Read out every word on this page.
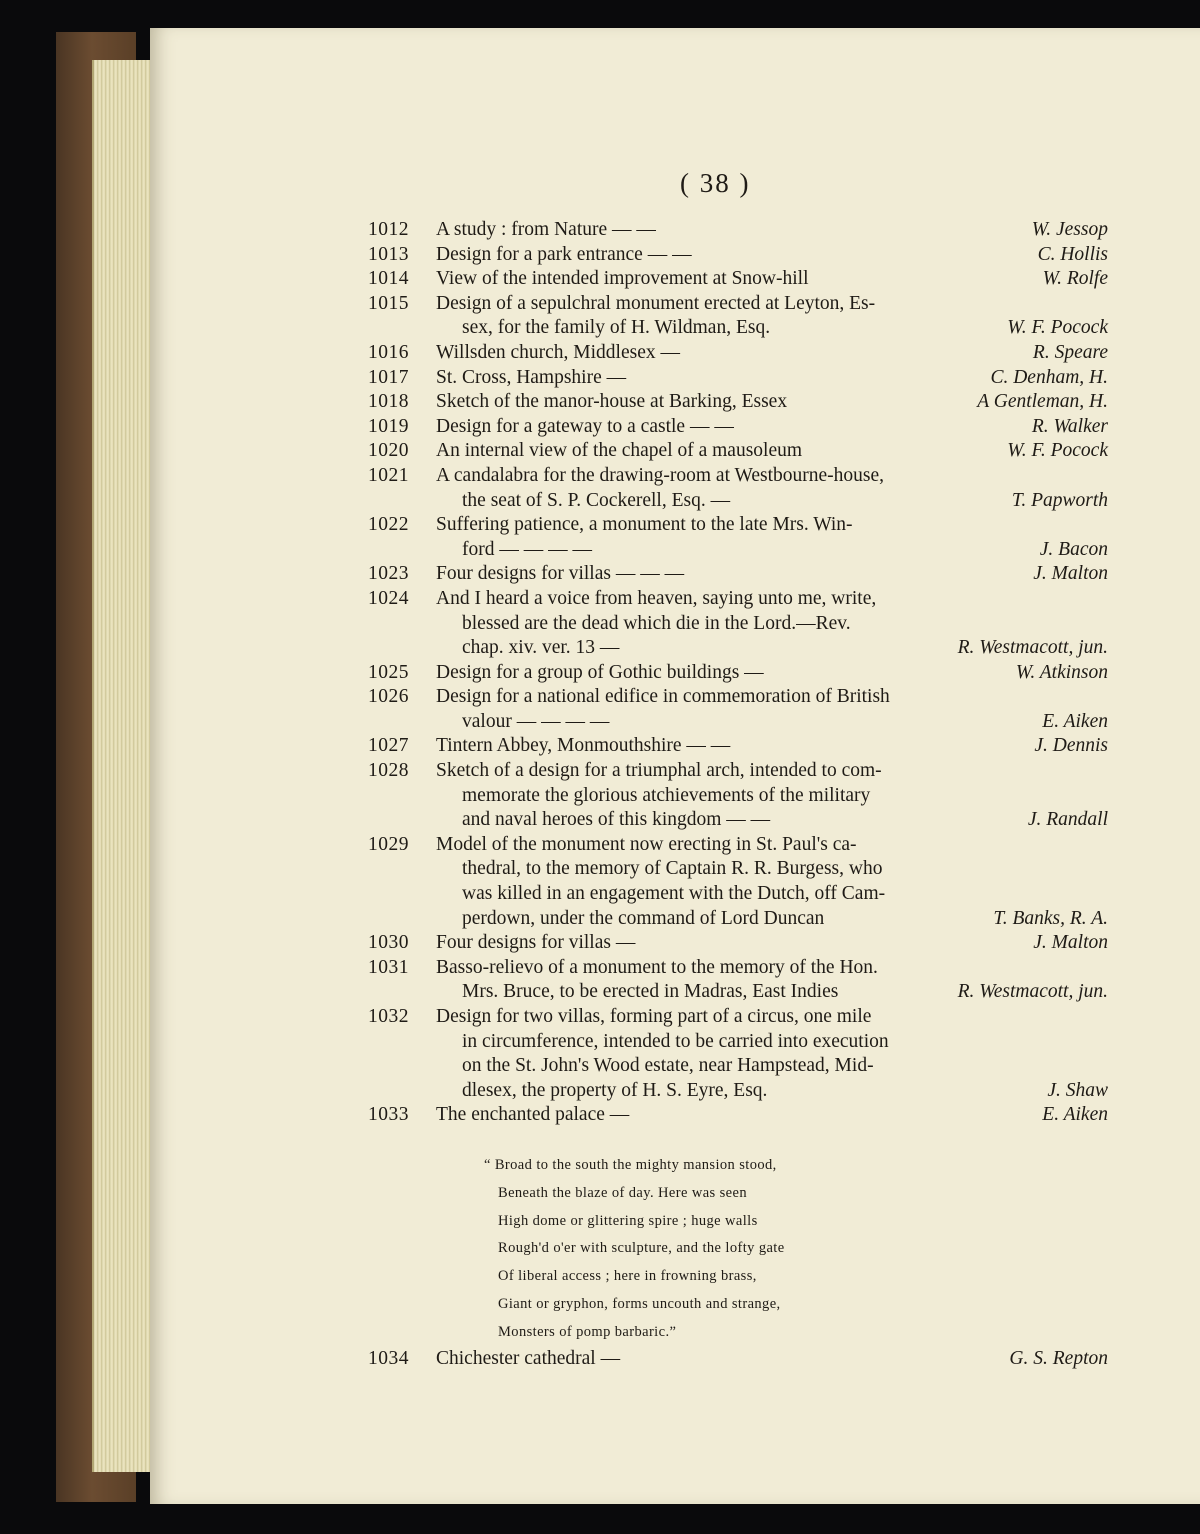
( 38 )
1012	A study : from Nature — —	W. Jessop
1013	Design for a park entrance — —	C. Hollis
1014	View of the intended improvement at Snow-hill	W. Rolfe
1015	Design of a sepulchral monument erected at Leyton, Es-
sex, for the family of H. Wildman, Esq.	W. F. Pocock
1016	Willsden church, Middlesex —	R. Speare
1017	St. Cross, Hampshire —	C. Denham, H.
1018	Sketch of the manor-house at Barking, Essex	A Gentleman, H.
1019	Design for a gateway to a castle — —	R. Walker
1020	An internal view of the chapel of a mausoleum	W. F. Pocock
1021	A candalabra for the drawing-room at Westbourne-house,
the seat of S. P. Cockerell, Esq. —	T. Papworth
1022	Suffering patience, a monument to the late Mrs. Win-
ford — — — —	J. Bacon
1023	Four designs for villas — — —	J. Malton
1024	And I heard a voice from heaven, saying unto me, write,
blessed are the dead which die in the Lord.—Rev.
chap. xiv. ver. 13 —	R. Westmacott, jun.
1025	Design for a group of Gothic buildings —	W. Atkinson
1026	Design for a national edifice in commemoration of British
valour — — — —	E. Aiken
1027	Tintern Abbey, Monmouthshire — —	J. Dennis
1028	Sketch of a design for a triumphal arch, intended to com-
memorate the glorious atchievements of the military
and naval heroes of this kingdom — —	J. Randall
1029	Model of the monument now erecting in St. Paul's ca-
thedral, to the memory of Captain R. R. Burgess, who
was killed in an engagement with the Dutch, off Cam-
perdown, under the command of Lord Duncan	T. Banks, R. A.
1030	Four designs for villas —	J. Malton
1031	Basso-relievo of a monument to the memory of the Hon.
Mrs. Bruce, to be erected in Madras, East Indies	R. Westmacott, jun.
1032	Design for two villas, forming part of a circus, one mile
in circumference, intended to be carried into execution
on the St. John's Wood estate, near Hampstead, Mid-
dlesex, the property of H. S. Eyre, Esq.	J. Shaw
1033	The enchanted palace —	E. Aiken
“ Broad to the south the mighty mansion stood,
Beneath the blaze of day. Here was seen
High dome or glittering spire ; huge walls
Rough'd o'er with sculpture, and the lofty gate
Of liberal access ; here in frowning brass,
Giant or gryphon, forms uncouth and strange,
Monsters of pomp barbaric.”
1034	Chichester cathedral —	G. S. Repton
